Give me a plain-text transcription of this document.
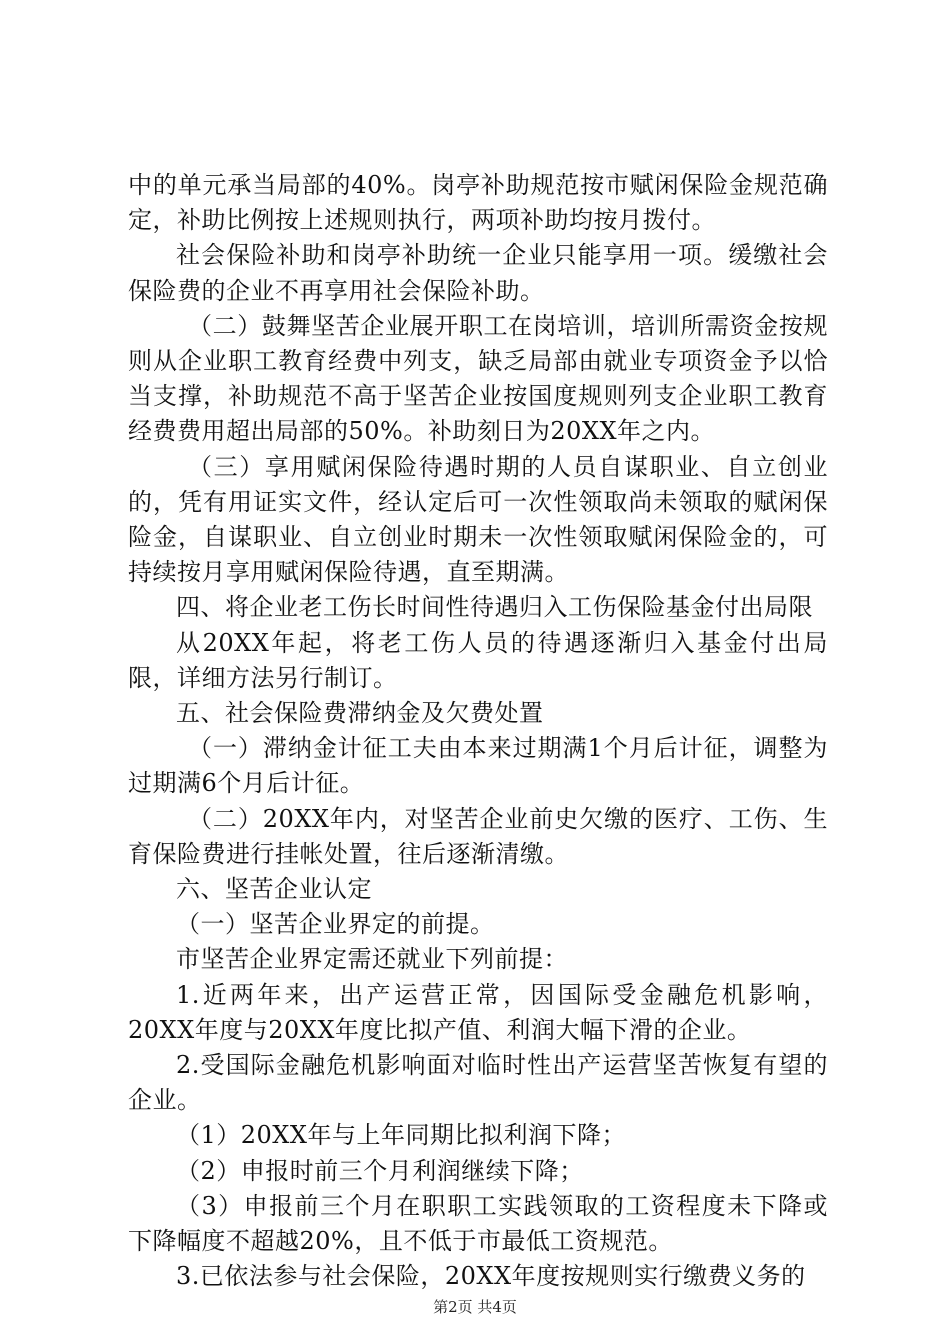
中的单元承当局部的40%。岗亭补助规范按市赋闲保险金规范确定，补助比例按上述规则执行，两项补助均按月拨付。

社会保险补助和岗亭补助统一企业只能享用一项。缓缴社会保险费的企业不再享用社会保险补助。

（二）鼓舞坚苦企业展开职工在岗培训，培训所需资金按规则从企业职工教育经费中列支，缺乏局部由就业专项资金予以恰当支撑，补助规范不高于坚苦企业按国度规则列支企业职工教育经费费用超出局部的50%。补助刻日为20XX年之内。

（三）享用赋闲保险待遇时期的人员自谋职业、自立创业的，凭有用证实文件，经认定后可一次性领取尚未领取的赋闲保险金，自谋职业、自立创业时期未一次性领取赋闲保险金的，可持续按月享用赋闲保险待遇，直至期满。

四、将企业老工伤长时间性待遇归入工伤保险基金付出局限

从20XX年起，将老工伤人员的待遇逐渐归入基金付出局限，详细方法另行制订。

五、社会保险费滞纳金及欠费处置

（一）滞纳金计征工夫由本来过期满1个月后计征，调整为过期满6个月后计征。

（二）20XX年内，对坚苦企业前史欠缴的医疗、工伤、生育保险费进行挂帐处置，往后逐渐清缴。

六、坚苦企业认定

（一）坚苦企业界定的前提。

市坚苦企业界定需还就业下列前提：

1.近两年来，出产运营正常，因国际受金融危机影响，20XX年度与20XX年度比拟产值、利润大幅下滑的企业。

2.受国际金融危机影响面对临时性出产运营坚苦恢复有望的企业。

（1）20XX年与上年同期比拟利润下降；

（2）申报时前三个月利润继续下降；

（3）申报前三个月在职职工实践领取的工资程度未下降或下降幅度不超越20%，且不低于市最低工资规范。

3.已依法参与社会保险，20XX年度按规则实行缴费义务的

第2页 共4页
